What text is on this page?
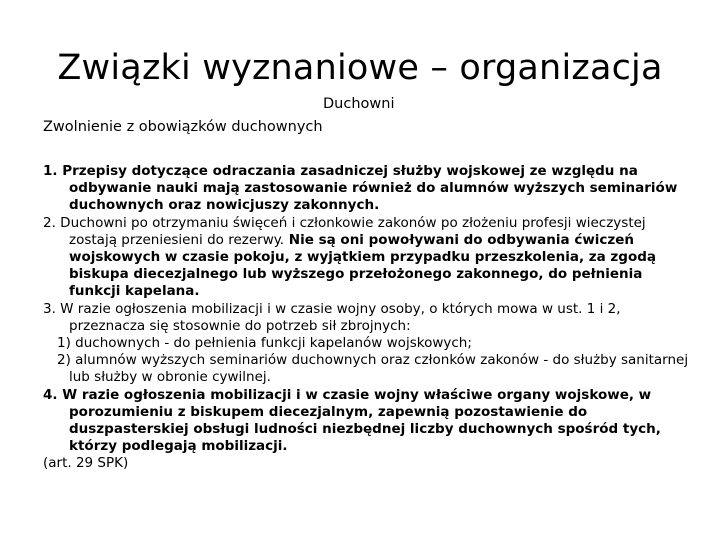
Związki wyznaniowe – organizacja
Duchowni
Zwolnienie z obowiązków duchownych

1. Przepisy dotyczące odraczania zasadniczej służby wojskowej ze względu na odbywanie nauki mają zastosowanie również do alumnów wyższych seminariów duchownych oraz nowicjuszy zakonnych.

2. Duchowni po otrzymaniu święceń i członkowie zakonów po złożeniu profesji wieczystej zostają przeniesieni do rezerwy. Nie są oni powoływani do odbywania ćwiczeń wojskowych w czasie pokoju, z wyjątkiem przypadku przeszkolenia, za zgodą biskupa diecezjalnego lub wyższego przełożonego zakonnego, do pełnienia funkcji kapelana.

3. W razie ogłoszenia mobilizacji i w czasie wojny osoby, o których mowa w ust. 1 i 2, przeznacza się stosownie do potrzeb sił zbrojnych:

1) duchownych - do pełnienia funkcji kapelanów wojskowych;

2) alumnów wyższych seminariów duchownych oraz członków zakonów - do służby sanitarnej lub służby w obronie cywilnej.

4. W razie ogłoszenia mobilizacji i w czasie wojny właściwe organy wojskowe, w porozumieniu z biskupem diecezjalnym, zapewnią pozostawienie do duszpasterskiej obsługi ludności niezbędnej liczby duchownych spośród tych, którzy podlegają mobilizacji.

(art. 29 SPK)
